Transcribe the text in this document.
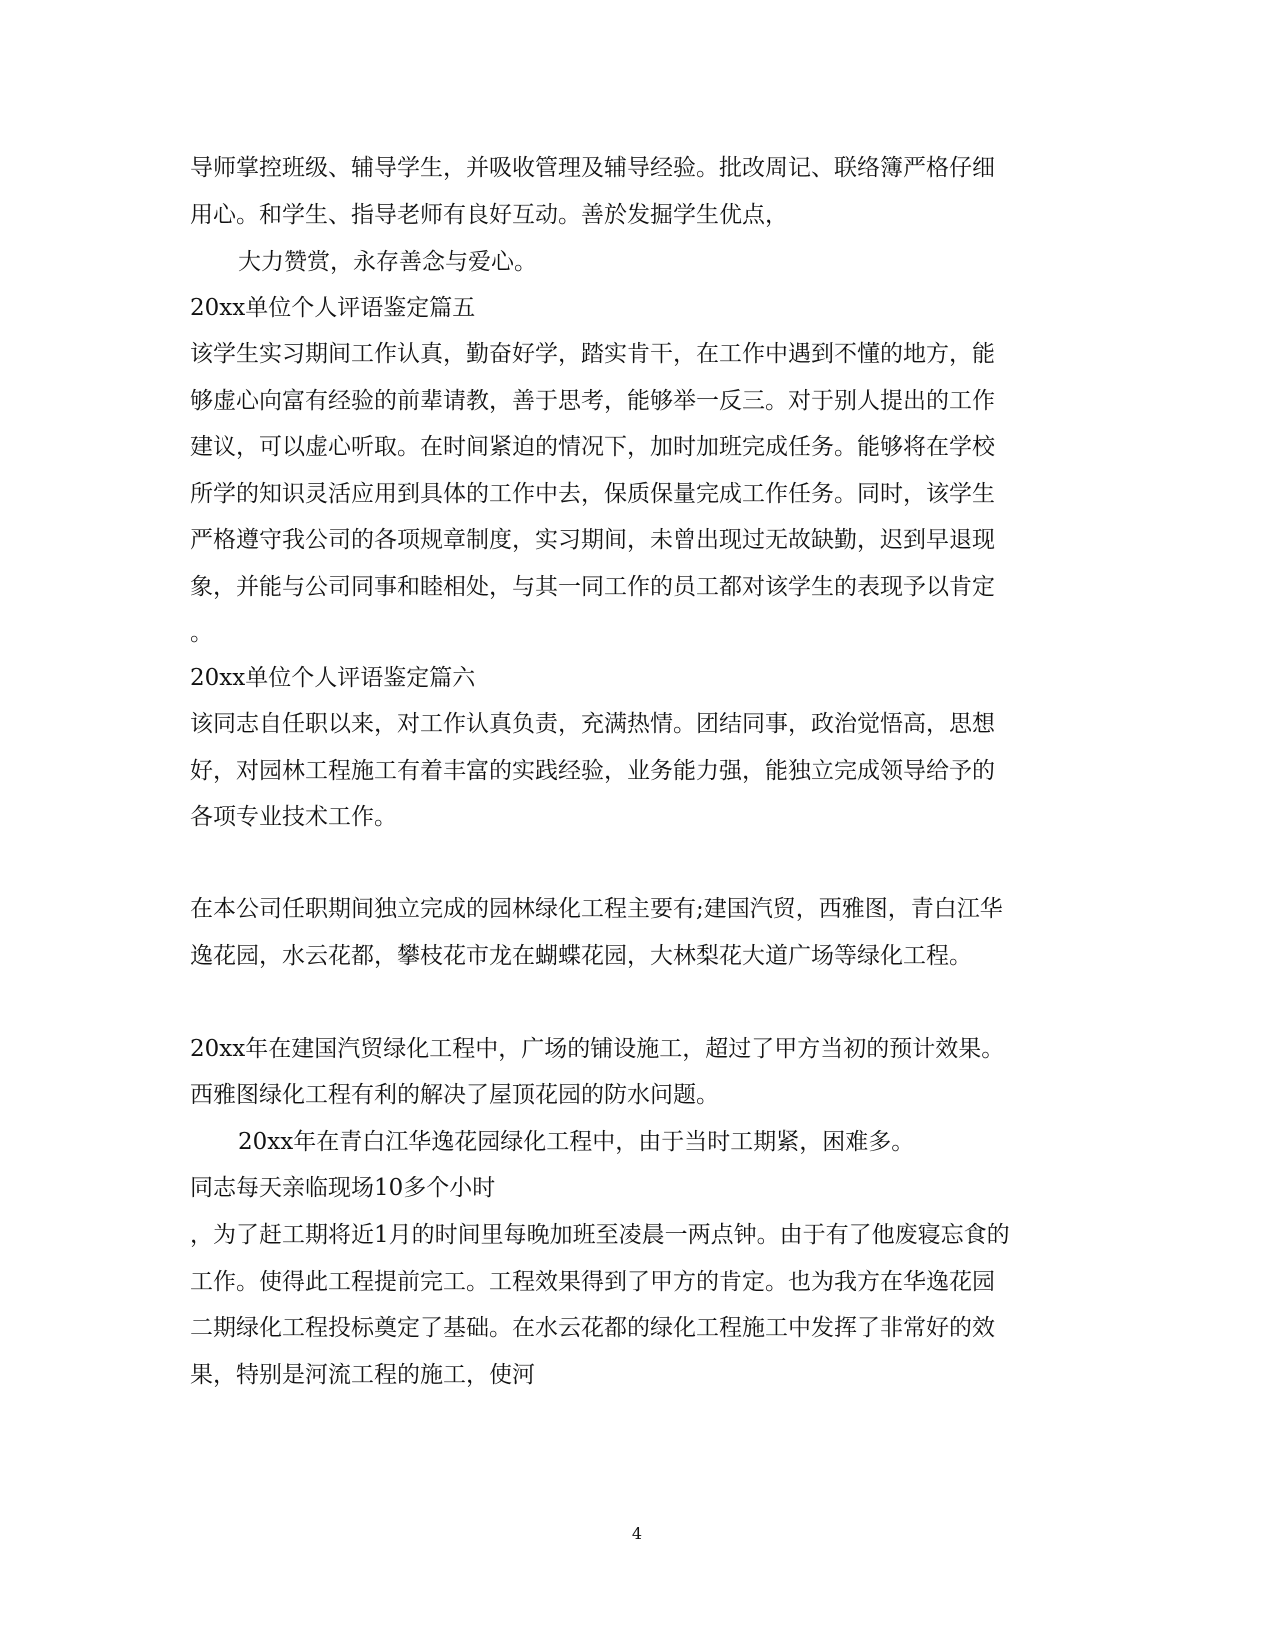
导师掌控班级、辅导学生，并吸收管理及辅导经验。批改周记、联络簿严格仔细
用心。和学生、指导老师有良好互动。善於发掘学生优点，
大力赞赏，永存善念与爱心。
20xx单位个人评语鉴定篇五
该学生实习期间工作认真，勤奋好学，踏实肯干，在工作中遇到不懂的地方，能
够虚心向富有经验的前辈请教，善于思考，能够举一反三。对于别人提出的工作
建议，可以虚心听取。在时间紧迫的情况下，加时加班完成任务。能够将在学校
所学的知识灵活应用到具体的工作中去，保质保量完成工作任务。同时，该学生
严格遵守我公司的各项规章制度，实习期间，未曾出现过无故缺勤，迟到早退现
象，并能与公司同事和睦相处，与其一同工作的员工都对该学生的表现予以肯定
。
20xx单位个人评语鉴定篇六
该同志自任职以来，对工作认真负责，充满热情。团结同事，政治觉悟高，思想
好，对园林工程施工有着丰富的实践经验，业务能力强，能独立完成领导给予的
各项专业技术工作。
在本公司任职期间独立完成的园林绿化工程主要有;建国汽贸，西雅图，青白江华
逸花园，水云花都，攀枝花市龙在蝴蝶花园，大林梨花大道广场等绿化工程。
20xx年在建国汽贸绿化工程中，广场的铺设施工，超过了甲方当初的预计效果。
西雅图绿化工程有利的解决了屋顶花园的防水问题。
20xx年在青白江华逸花园绿化工程中，由于当时工期紧，困难多。
同志每天亲临现场10多个小时
，为了赶工期将近1月的时间里每晚加班至凌晨一两点钟。由于有了他废寝忘食的
工作。使得此工程提前完工。工程效果得到了甲方的肯定。也为我方在华逸花园
二期绿化工程投标奠定了基础。在水云花都的绿化工程施工中发挥了非常好的效
果，特别是河流工程的施工，使河
4
